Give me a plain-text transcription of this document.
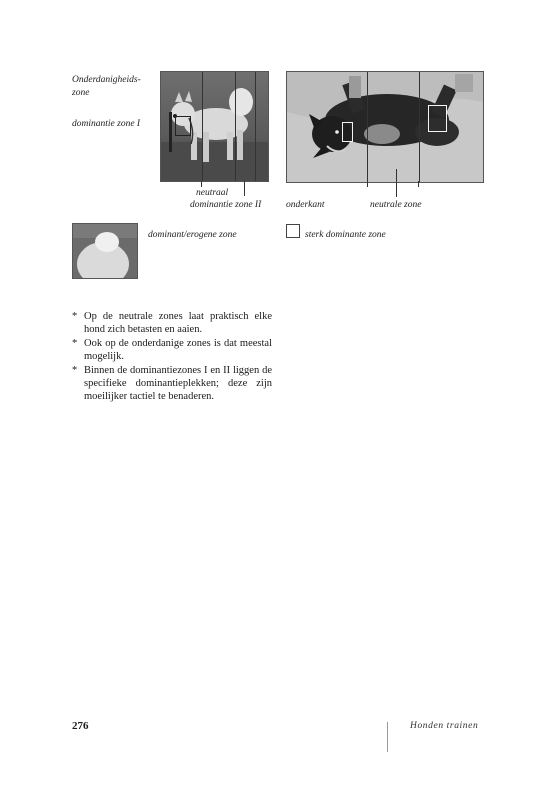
Onderdanigheids-
zone
dominantie zone I
neutraal
dominantie zone II	onderkant	neutrale zone
dominant/erogene zone	sterk dominante zone
* Op de neutrale zones laat praktisch elke hond zich betasten en aaien.
* Ook op de onderdanige zones is dat meestal mogelijk.
* Binnen de dominantiezones I en II liggen de specifieke dominantieplekken; deze zijn moeilijker tactiel te benaderen.
276	Honden trainen
